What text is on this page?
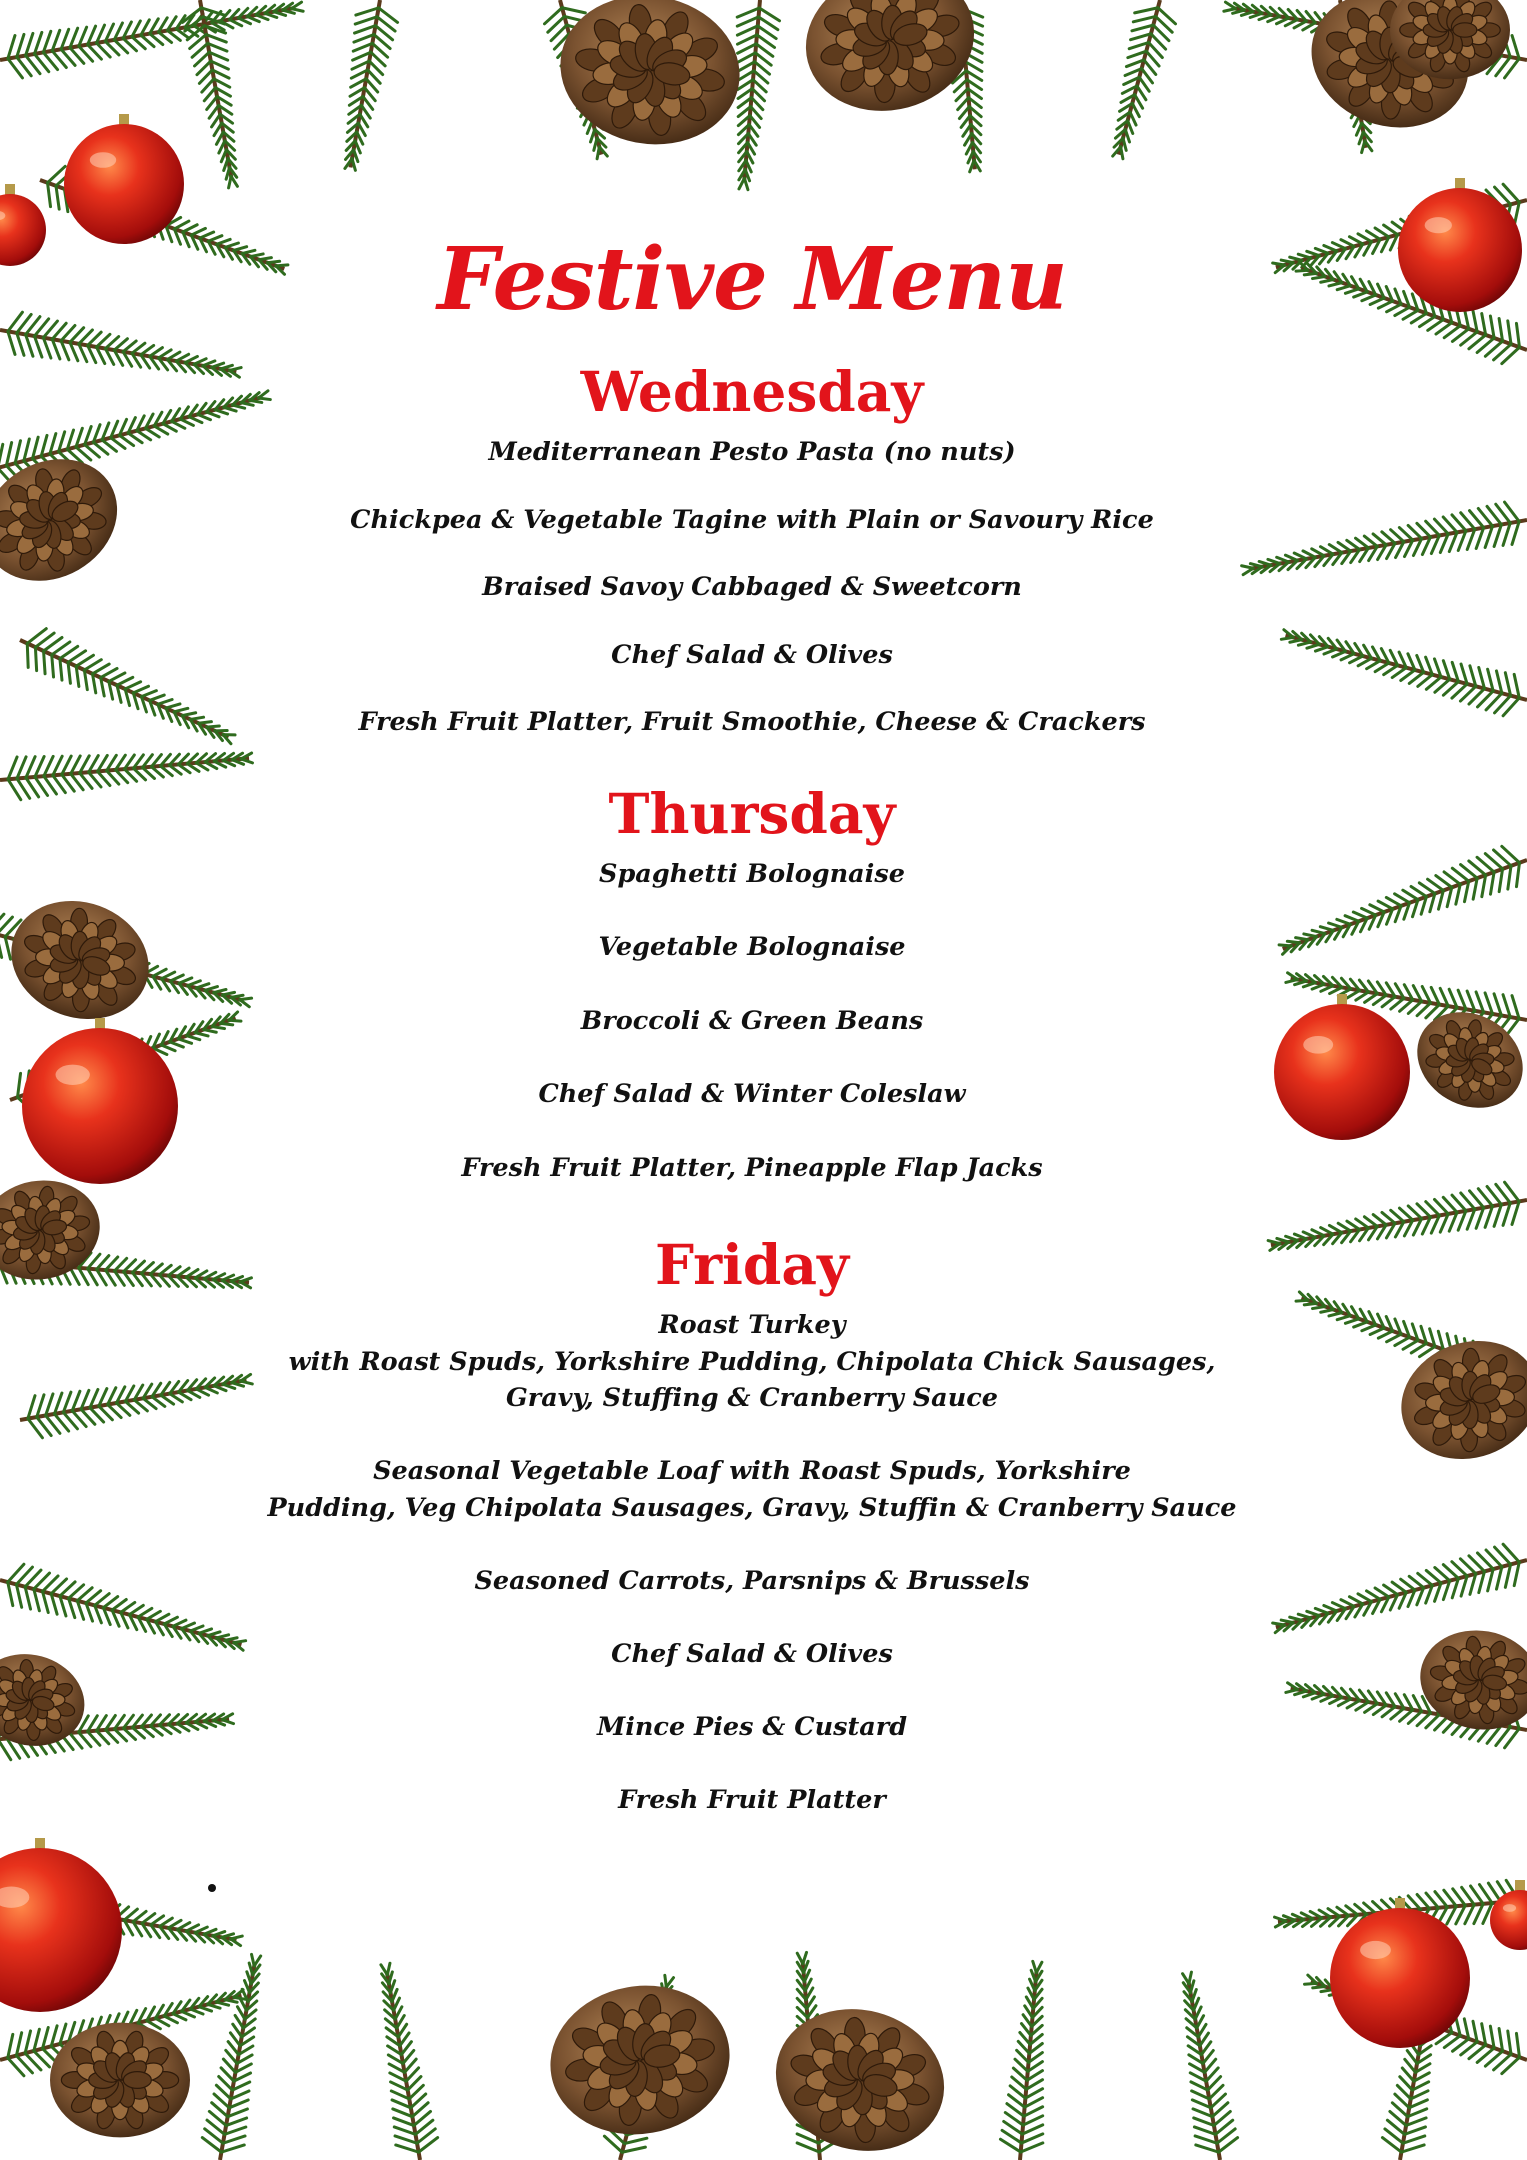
Festive Menu
Wednesday

Mediterranean Pesto Pasta (no nuts)

Chickpea & Vegetable Tagine with Plain or Savoury Rice

Braised Savoy Cabbaged & Sweetcorn

Chef Salad & Olives

Fresh Fruit Platter, Fruit Smoothie, Cheese & Crackers

Thursday

Spaghetti Bolognaise

Vegetable Bolognaise

Broccoli & Green Beans

Chef Salad & Winter Coleslaw

Fresh Fruit Platter, Pineapple Flap Jacks

Friday

Roast Turkey
with Roast Spuds, Yorkshire Pudding, Chipolata Chick Sausages,
Gravy, Stuffing & Cranberry Sauce

Seasonal Vegetable Loaf with Roast Spuds, Yorkshire
Pudding, Veg Chipolata Sausages, Gravy, Stuffin & Cranberry Sauce

Seasoned Carrots, Parsnips & Brussels

Chef Salad & Olives

Mince Pies & Custard

Fresh Fruit Platter
